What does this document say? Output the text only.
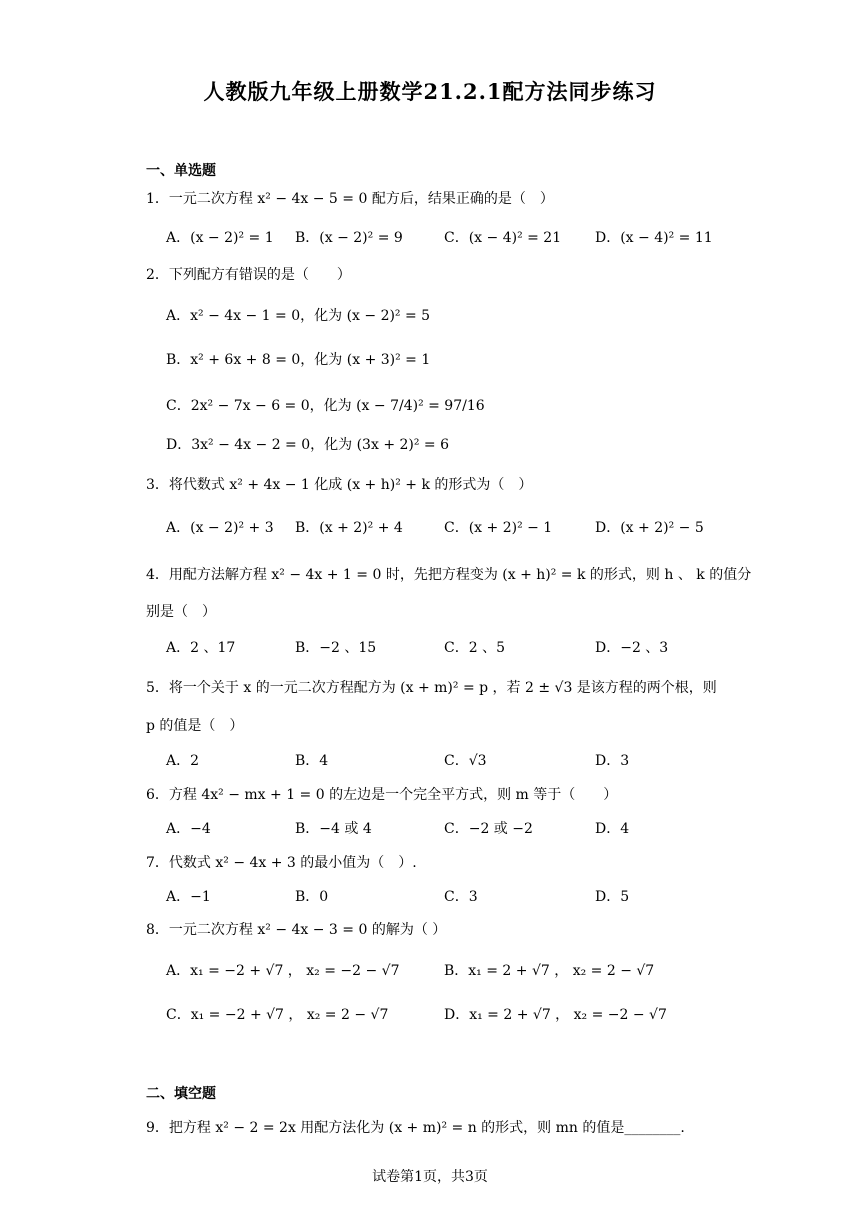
人教版九年级上册数学21.2.1配方法同步练习
一、单选题
1．一元二次方程 x² − 4x − 5 = 0 配方后，结果正确的是（　）
A．(x − 2)² = 1 B．(x − 2)² = 9	C．(x − 4)² = 21 D．(x − 4)² = 11
2．下列配方有错误的是（　　）
A．x² − 4x − 1 = 0，化为 (x − 2)² = 5
B．x² + 6x + 8 = 0，化为 (x + 3)² = 1
C．2x² − 7x − 6 = 0，化为 (x − 7/4)² = 97/16
D．3x² − 4x − 2 = 0，化为 (3x + 2)² = 6
3．将代数式 x² + 4x − 1 化成 (x + h)² + k 的形式为（　）
A．(x − 2)² + 3 B．(x + 2)² + 4	C．(x + 2)² − 1	D．(x + 2)² − 5
4．用配方法解方程 x² − 4x + 1 = 0 时，先把方程变为 (x + h)² = k 的形式，则 h 、 k 的值分
别是（　）
A．2 、17	B．−2 、15	C．2 、5	D．−2 、3
5．将一个关于 x 的一元二次方程配方为 (x + m)² = p ，若 2 ± √3 是该方程的两个根，则
p 的值是（　）
A．2	B．4	C．√3	D．3
6．方程 4x² − mx + 1 = 0 的左边是一个完全平方式，则 m 等于（　　）
A．−4	B．−4 或 4	C．−2 或 −2	D．4
7．代数式 x² − 4x + 3 的最小值为（　）.
A．−1	B．0	C．3	D．5
8．一元二次方程 x² − 4x − 3 = 0 的解为（ ）
A．x₁ = −2 + √7 ， x₂ = −2 − √7	B．x₁ = 2 + √7 ， x₂ = 2 − √7
C．x₁ = −2 + √7 ， x₂ = 2 − √7	D．x₁ = 2 + √7 ， x₂ = −2 − √7
二、填空题
9．把方程 x² − 2 = 2x 用配方法化为 (x + m)² = n 的形式，则 mn 的值是________.
试卷第1页，共3页
